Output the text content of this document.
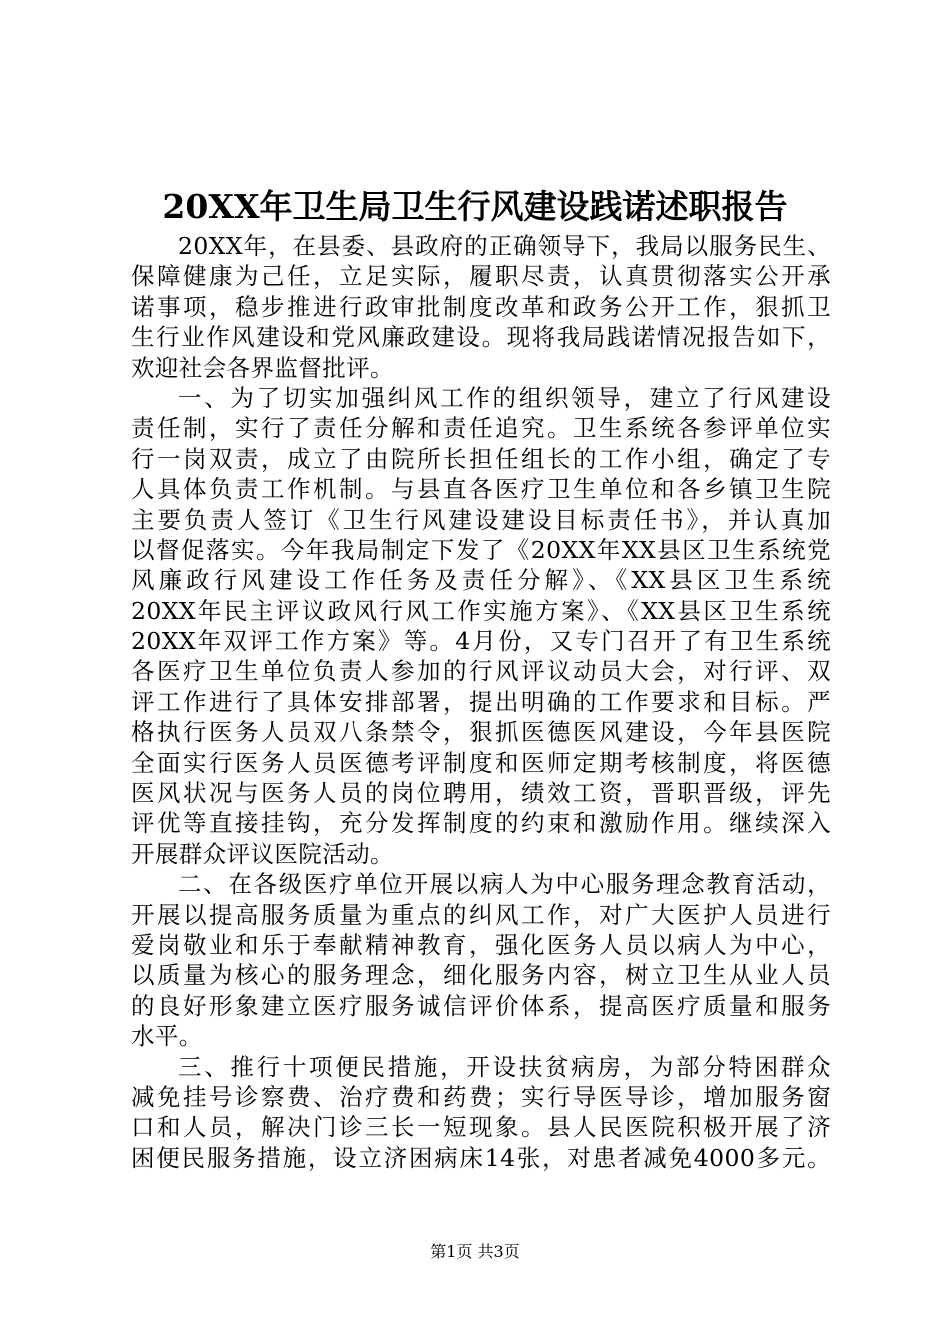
20XX年卫生局卫生行风建设践诺述职报告
20XX年，在县委、县政府的正确领导下，我局以服务民生、
保障健康为己任，立足实际，履职尽责，认真贯彻落实公开承
诺事项，稳步推进行政审批制度改革和政务公开工作，狠抓卫
生行业作风建设和党风廉政建设。现将我局践诺情况报告如下，
欢迎社会各界监督批评。
一、为了切实加强纠风工作的组织领导，建立了行风建设
责任制，实行了责任分解和责任追究。卫生系统各参评单位实
行一岗双责，成立了由院所长担任组长的工作小组，确定了专
人具体负责工作机制。与县直各医疗卫生单位和各乡镇卫生院
主要负责人签订《卫生行风建设建设目标责任书》，并认真加
以督促落实。今年我局制定下发了《20XX年XX县区卫生系统党
风廉政行风建设工作任务及责任分解》、《XX县区卫生系统
20XX年民主评议政风行风工作实施方案》、《XX县区卫生系统
20XX年双评工作方案》等。4月份，又专门召开了有卫生系统
各医疗卫生单位负责人参加的行风评议动员大会，对行评、双
评工作进行了具体安排部署，提出明确的工作要求和目标。严
格执行医务人员双八条禁令，狠抓医德医风建设，今年县医院
全面实行医务人员医德考评制度和医师定期考核制度，将医德
医风状况与医务人员的岗位聘用，绩效工资，晋职晋级，评先
评优等直接挂钩，充分发挥制度的约束和激励作用。继续深入
开展群众评议医院活动。
二、在各级医疗单位开展以病人为中心服务理念教育活动，
开展以提高服务质量为重点的纠风工作，对广大医护人员进行
爱岗敬业和乐于奉献精神教育，强化医务人员以病人为中心，
以质量为核心的服务理念，细化服务内容，树立卫生从业人员
的良好形象建立医疗服务诚信评价体系，提高医疗质量和服务
水平。
三、推行十项便民措施，开设扶贫病房，为部分特困群众
减免挂号诊察费、治疗费和药费；实行导医导诊，增加服务窗
口和人员，解决门诊三长一短现象。县人民医院积极开展了济
困便民服务措施，设立济困病床14张，对患者减免4000多元。
第1页 共3页
